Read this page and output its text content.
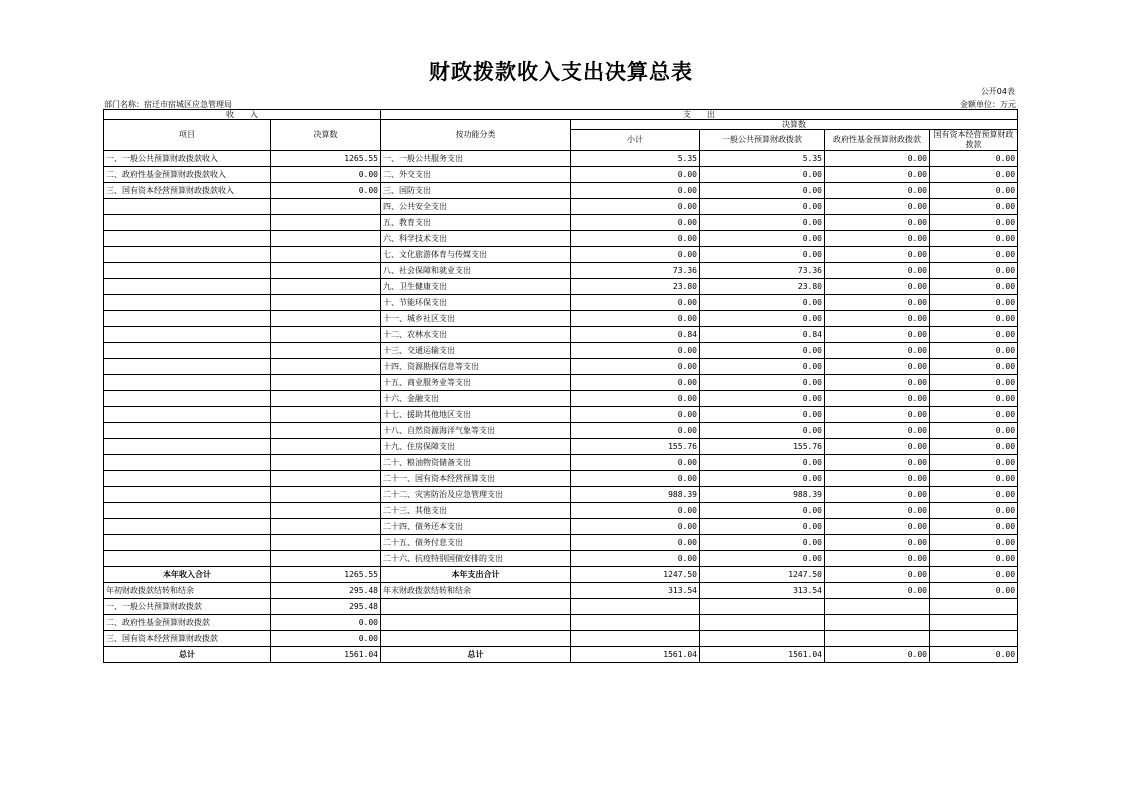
财政拨款收入支出决算总表
公开04表
部门名称：宿迁市宿城区应急管理局	金额单位：万元
收　　入		支　　出				
项目	决算数	按功能分类	决算数			
			小计	一般公共预算财政拨款	政府性基金预算财政拨款	国有资本经营预算财政拨款
一、一般公共预算财政拨款收入	1265.55	一、一般公共服务支出	5.35	5.35	0.00	0.00
二、政府性基金预算财政拨款收入	0.00	二、外交支出	0.00	0.00	0.00	0.00
三、国有资本经营预算财政拨款收入	0.00	三、国防支出	0.00	0.00	0.00	0.00
		四、公共安全支出	0.00	0.00	0.00	0.00
		五、教育支出	0.00	0.00	0.00	0.00
		六、科学技术支出	0.00	0.00	0.00	0.00
		七、文化旅游体育与传媒支出	0.00	0.00	0.00	0.00
		八、社会保障和就业支出	73.36	73.36	0.00	0.00
		九、卫生健康支出	23.80	23.80	0.00	0.00
		十、节能环保支出	0.00	0.00	0.00	0.00
		十一、城乡社区支出	0.00	0.00	0.00	0.00
		十二、农林水支出	0.84	0.84	0.00	0.00
		十三、交通运输支出	0.00	0.00	0.00	0.00
		十四、资源勘探信息等支出	0.00	0.00	0.00	0.00
		十五、商业服务业等支出	0.00	0.00	0.00	0.00
		十六、金融支出	0.00	0.00	0.00	0.00
		十七、援助其他地区支出	0.00	0.00	0.00	0.00
		十八、自然资源海洋气象等支出	0.00	0.00	0.00	0.00
		十九、住房保障支出	155.76	155.76	0.00	0.00
		二十、粮油物资储备支出	0.00	0.00	0.00	0.00
		二十一、国有资本经营预算支出	0.00	0.00	0.00	0.00
		二十二、灾害防治及应急管理支出	988.39	988.39	0.00	0.00
		二十三、其他支出	0.00	0.00	0.00	0.00
		二十四、债务还本支出	0.00	0.00	0.00	0.00
		二十五、债务付息支出	0.00	0.00	0.00	0.00
		二十六、抗疫特别国债安排的支出	0.00	0.00	0.00	0.00
本年收入合计	1265.55	本年支出合计	1247.50	1247.50	0.00	0.00
年初财政拨款结转和结余	295.48	年末财政拨款结转和结余	313.54	313.54	0.00	0.00
一、一般公共预算财政拨款	295.48					
二、政府性基金预算财政拨款	0.00					
三、国有资本经营预算财政拨款	0.00					
总计	1561.04	总计	1561.04	1561.04	0.00	0.00
